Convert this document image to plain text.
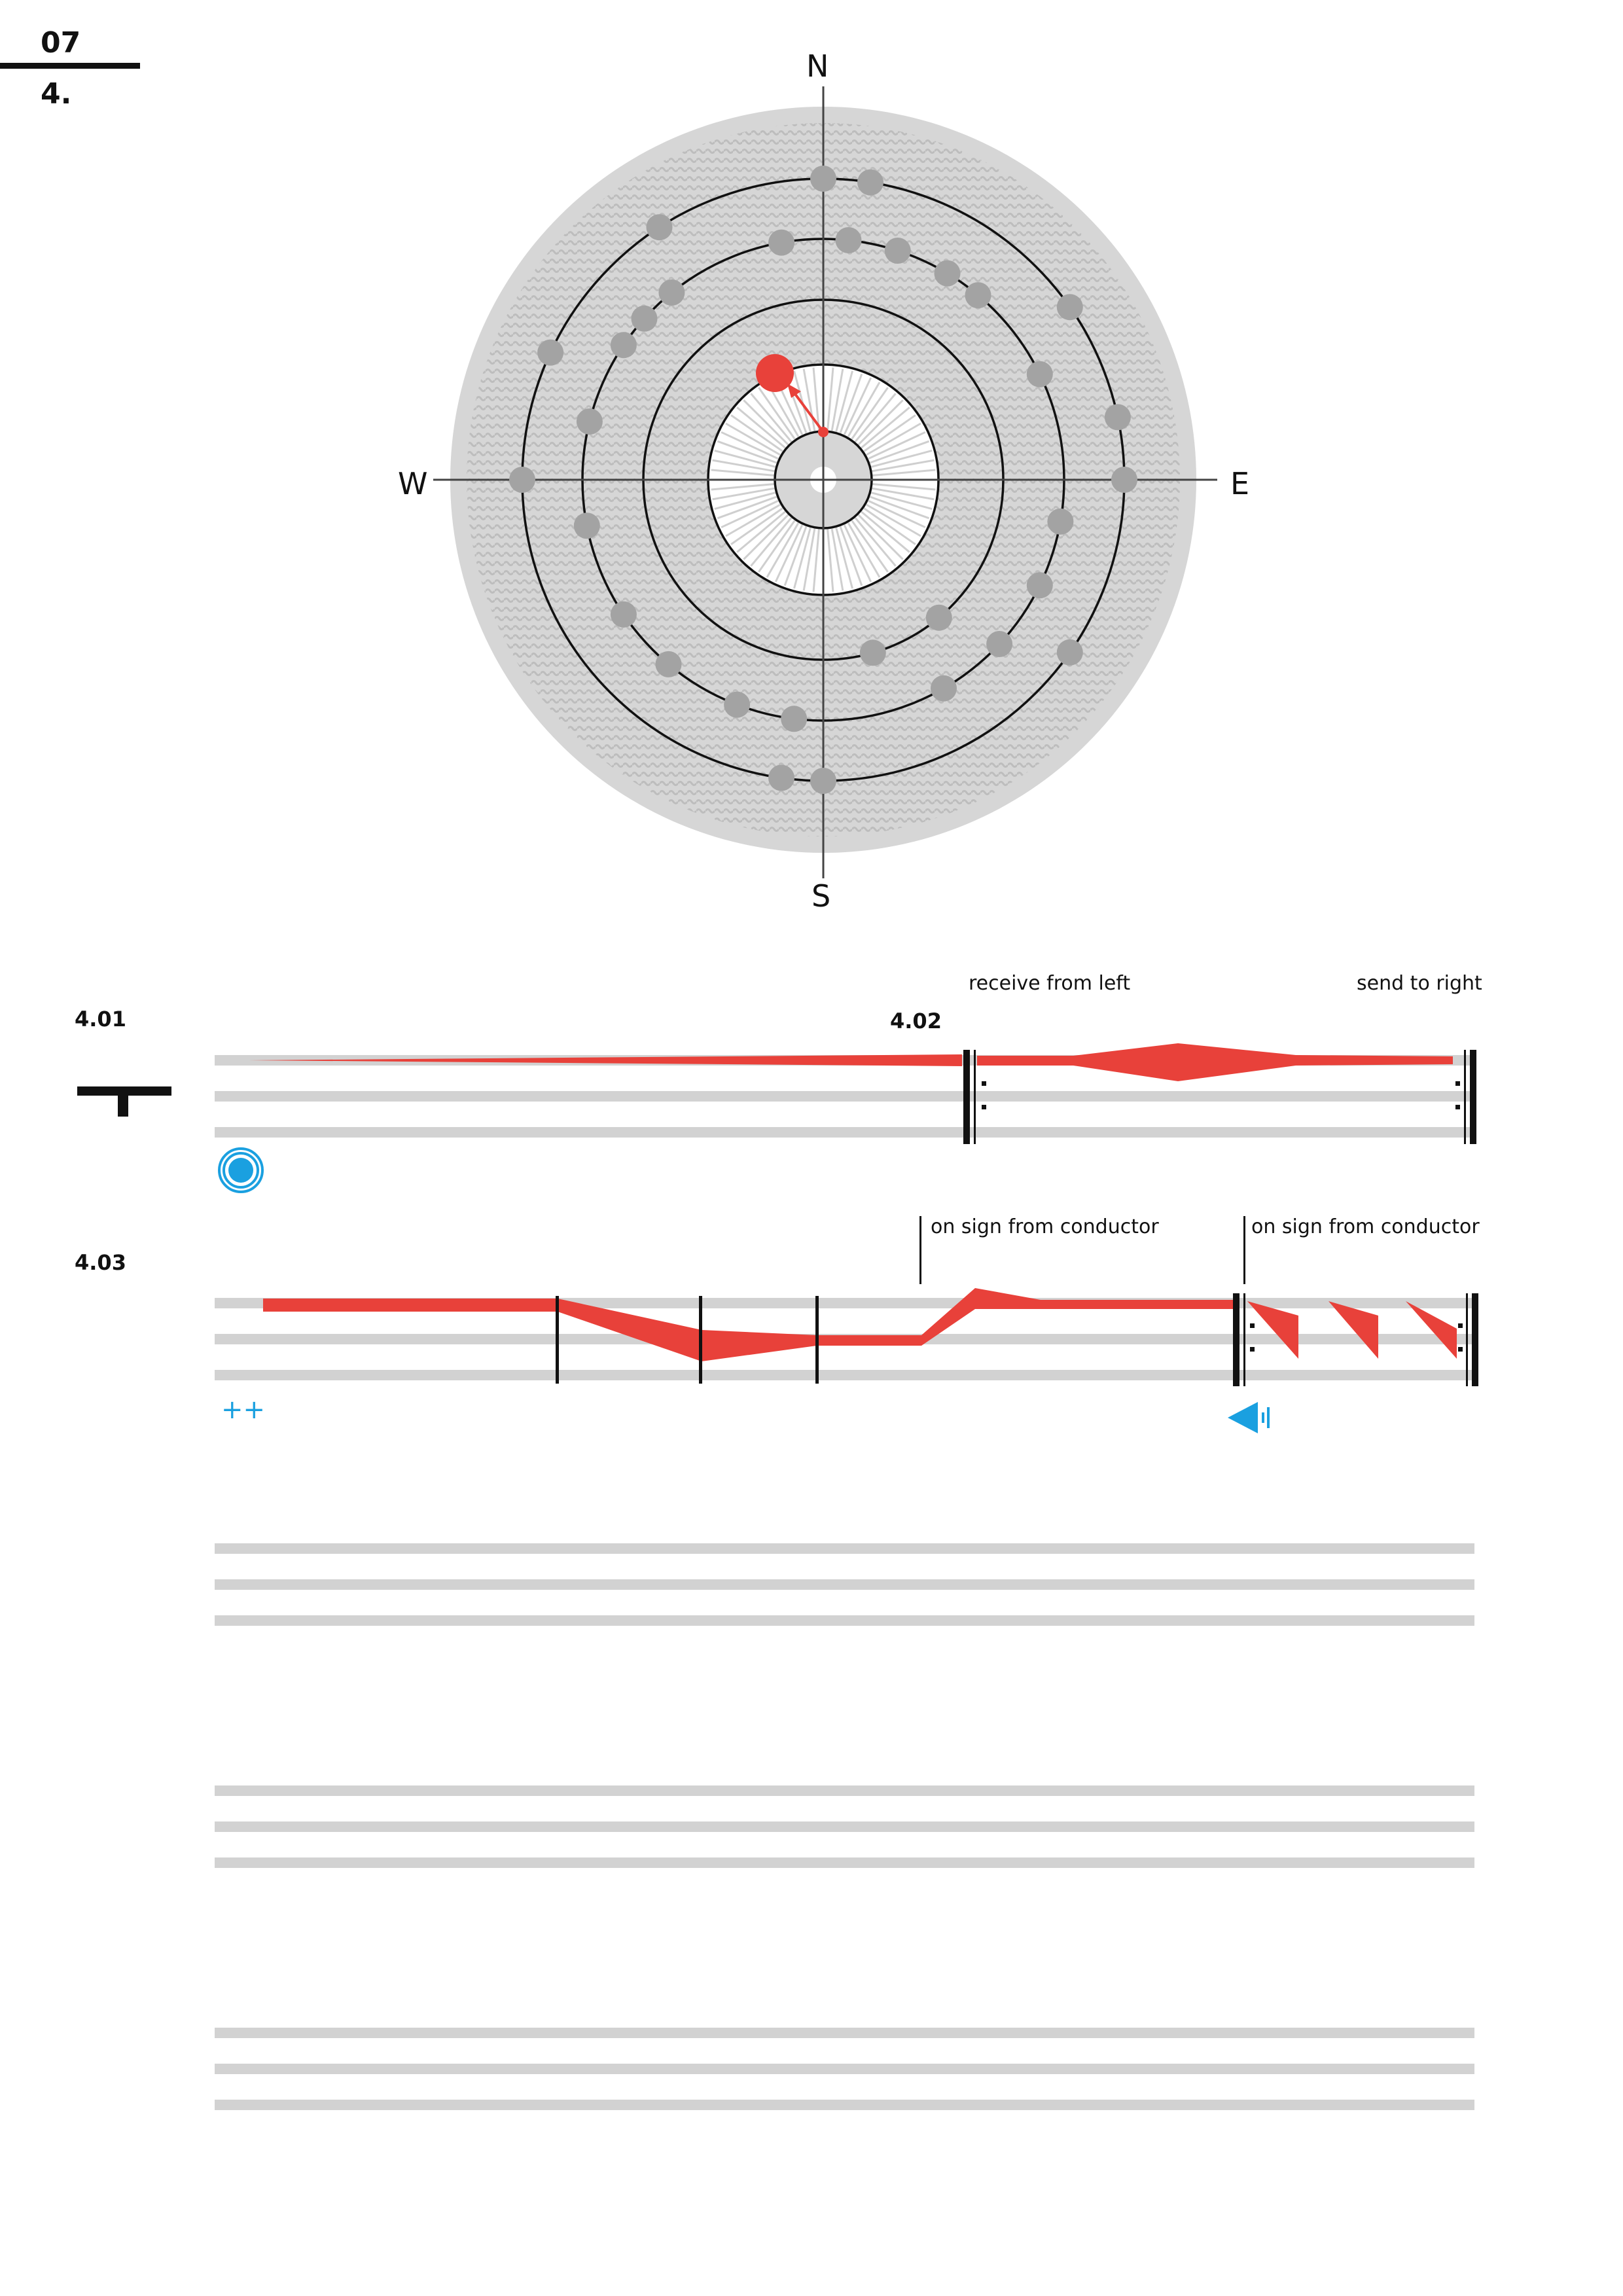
07
4.
N
S
E
W
4.01	4.02
receive from left	send to right
4.03
on sign from conductor	on sign from conductor
++
